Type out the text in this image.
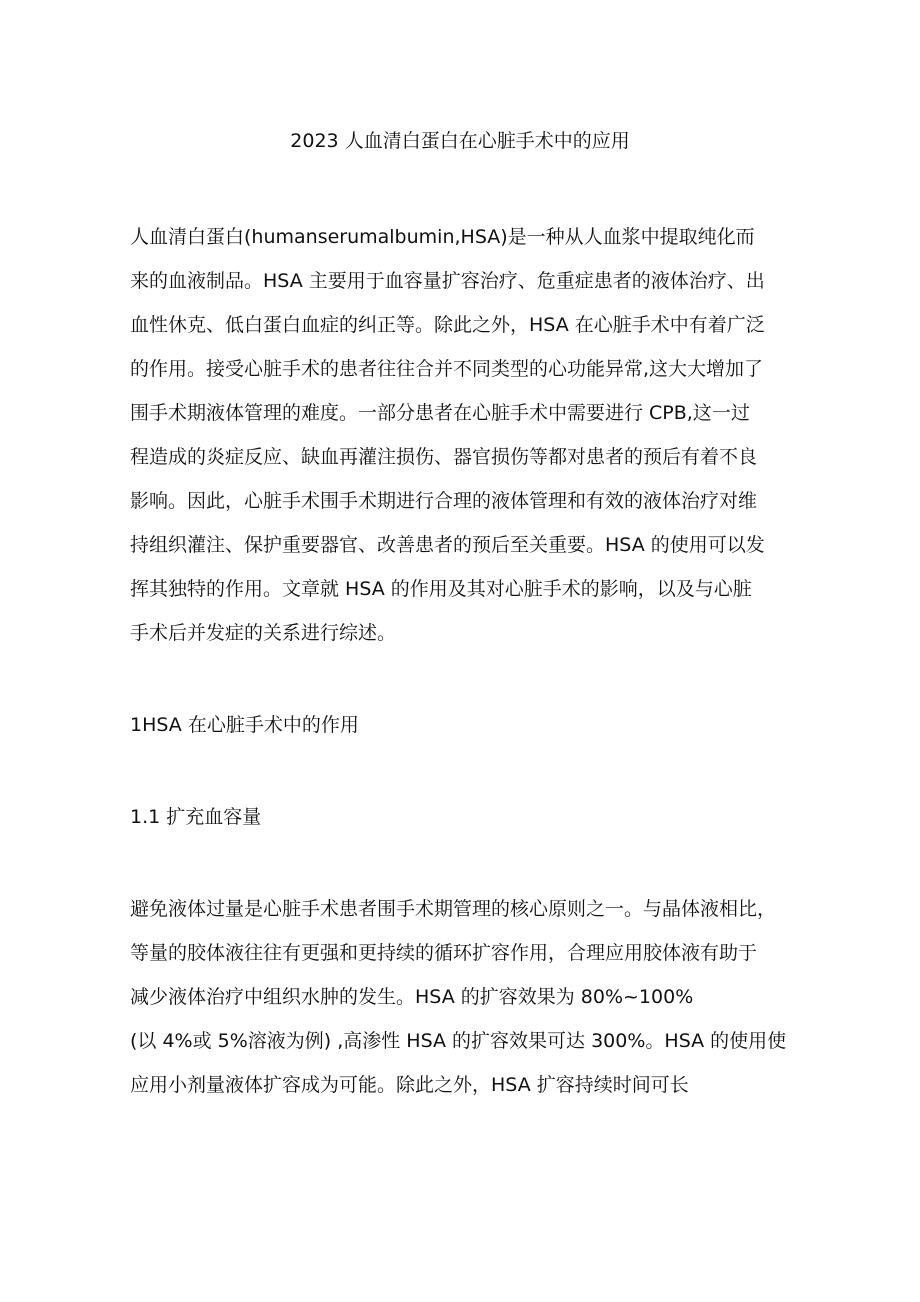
2023 人血清白蛋白在心脏手术中的应用
人血清白蛋白(humanserumalbumin,HSA)是一种从人血浆中提取纯化而
来的血液制品。HSA 主要用于血容量扩容治疗、危重症患者的液体治疗、出
血性休克、低白蛋白血症的纠正等。除此之外，HSA 在心脏手术中有着广泛
的作用。接受心脏手术的患者往往合并不同类型的心功能异常,这大大增加了
围手术期液体管理的难度。一部分患者在心脏手术中需要进行 CPB,这一过
程造成的炎症反应、缺血再灌注损伤、器官损伤等都对患者的预后有着不良
影响。因此，心脏手术围手术期进行合理的液体管理和有效的液体治疗对维
持组织灌注、保护重要器官、改善患者的预后至关重要。HSA 的使用可以发
挥其独特的作用。文章就 HSA 的作用及其对心脏手术的影响，以及与心脏
手术后并发症的关系进行综述。
1HSA 在心脏手术中的作用
1.1 扩充血容量
避免液体过量是心脏手术患者围手术期管理的核心原则之一。与晶体液相比，
等量的胶体液往往有更强和更持续的循环扩容作用，合理应用胶体液有助于
减少液体治疗中组织水肿的发生。HSA 的扩容效果为 80%~100%
(以 4%或 5%溶液为例) ,高渗性 HSA 的扩容效果可达 300%。HSA 的使用使
应用小剂量液体扩容成为可能。除此之外，HSA 扩容持续时间可长
